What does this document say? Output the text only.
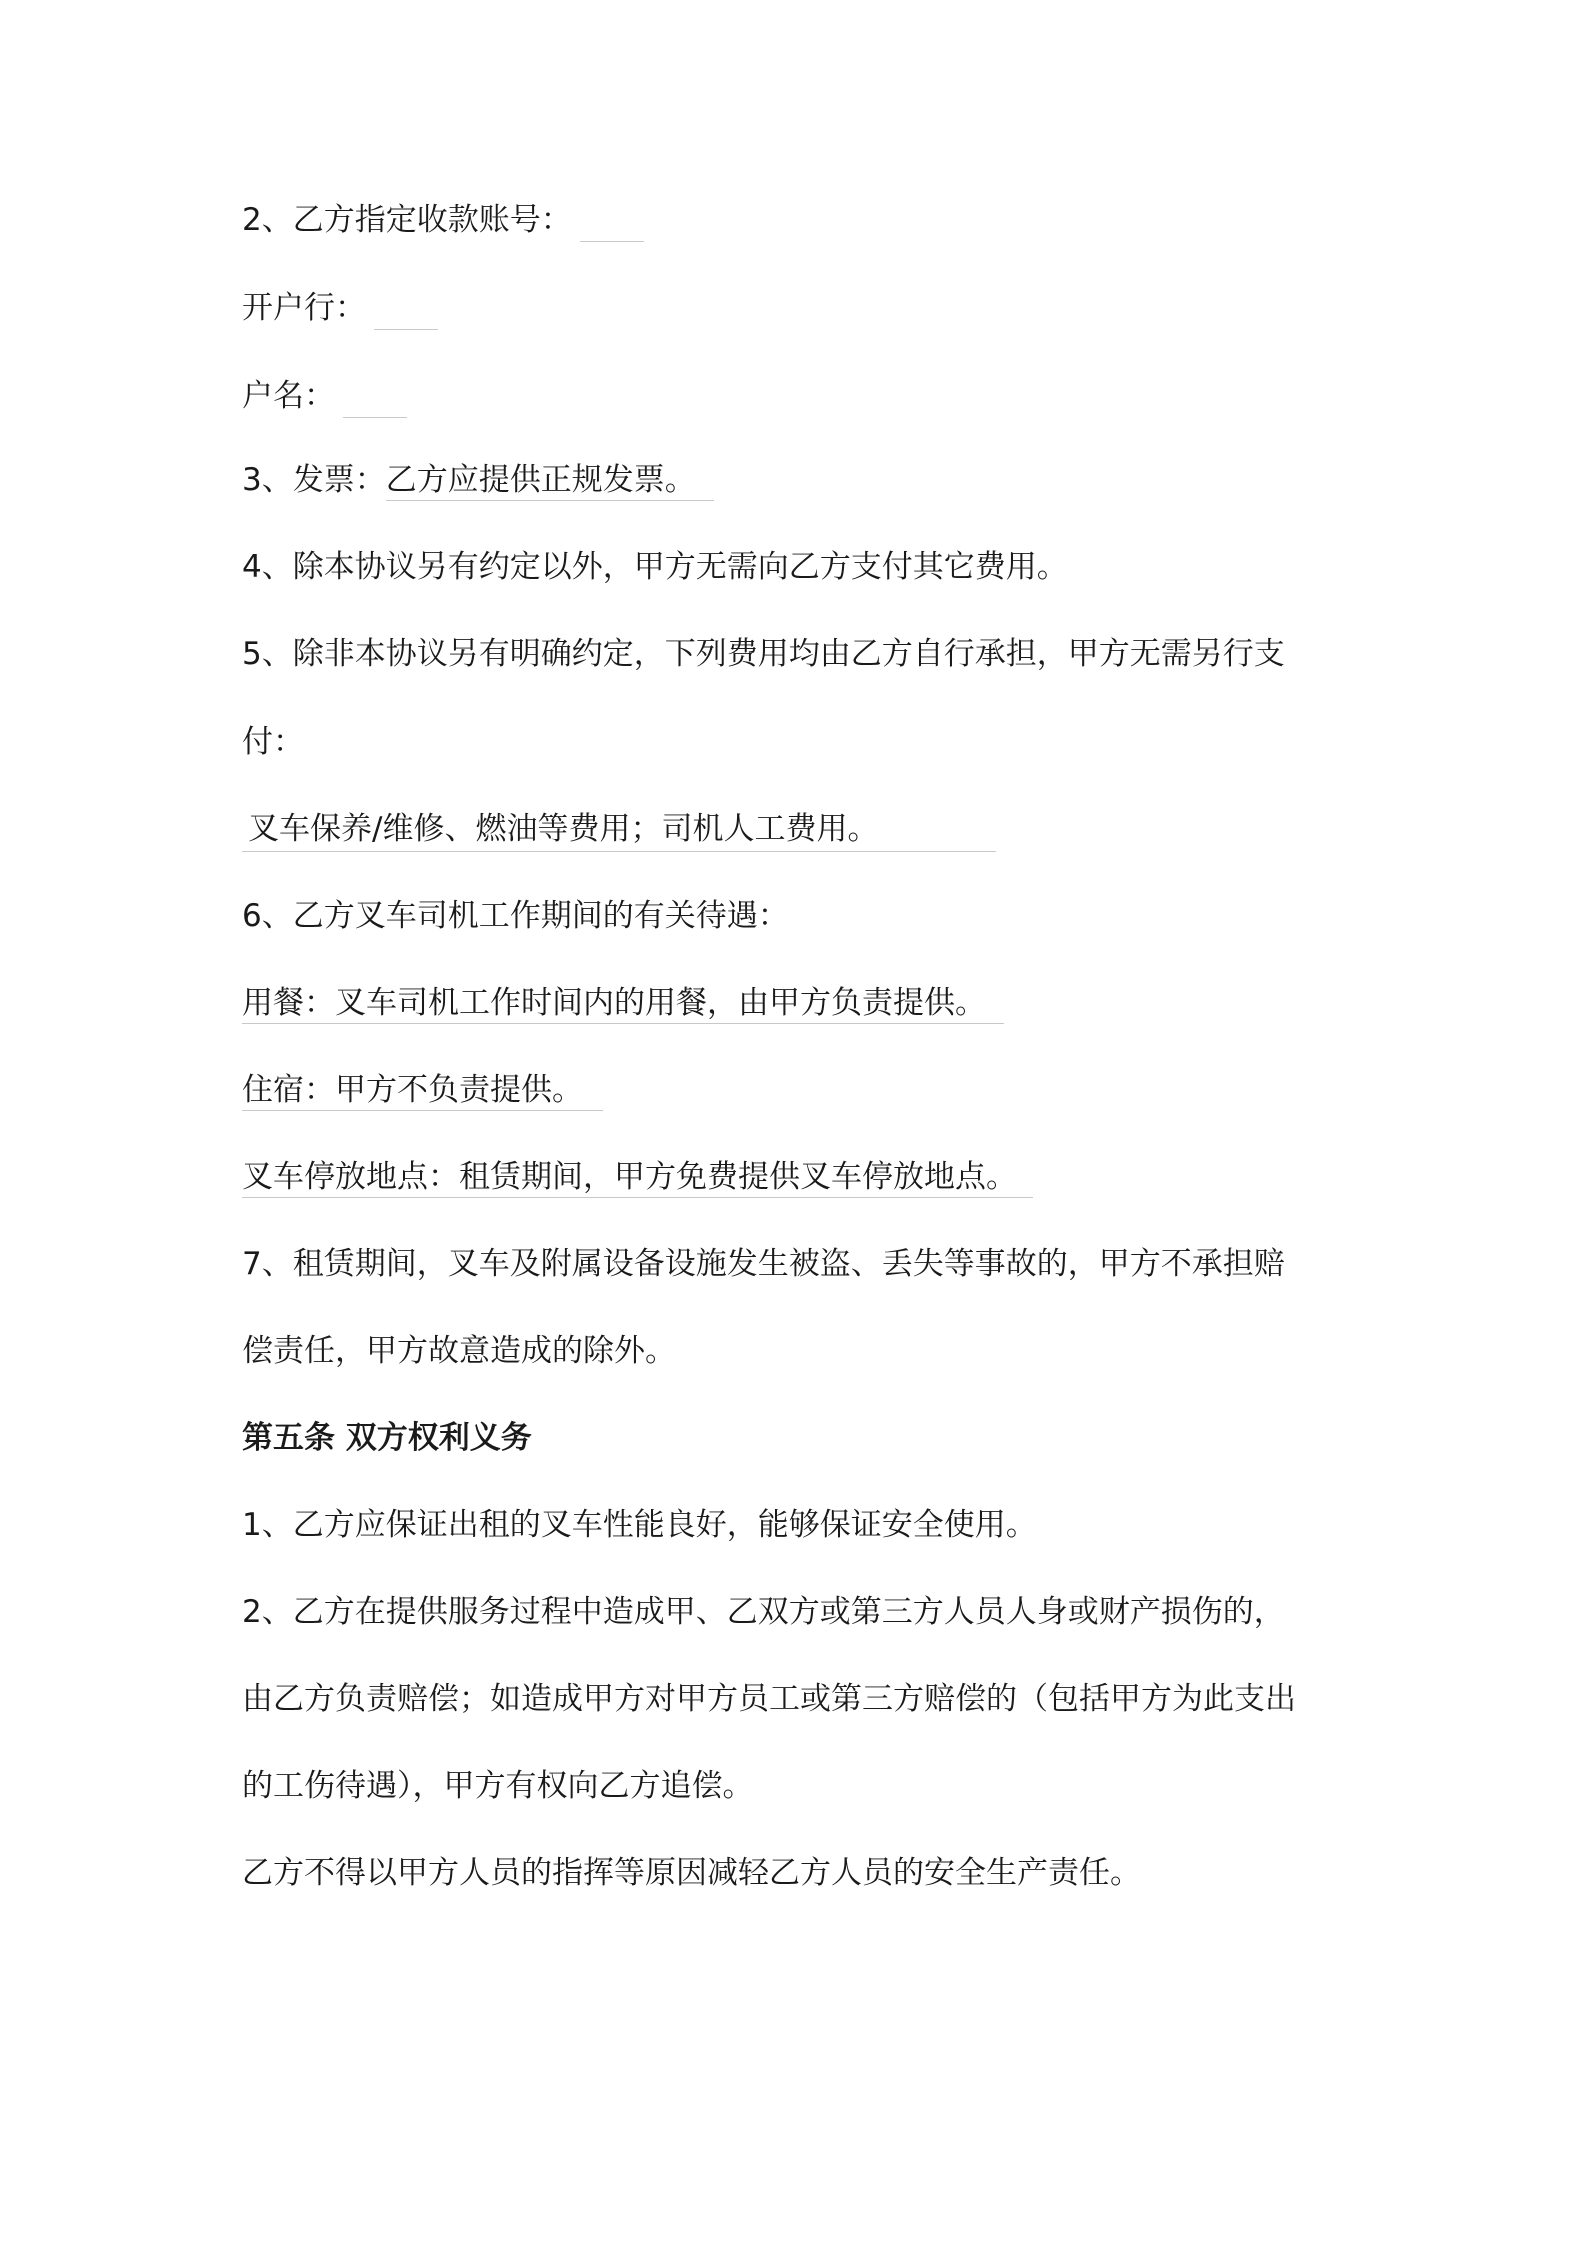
2、乙方指定收款账号：
开户行：
户名：
3、发票：乙方应提供正规发票。
4、除本协议另有约定以外，甲方无需向乙方支付其它费用。
5、除非本协议另有明确约定，下列费用均由乙方自行承担，甲方无需另行支
付：
叉车保养/维修、燃油等费用；司机人工费用。
6、乙方叉车司机工作期间的有关待遇：
用餐：叉车司机工作时间内的用餐，由甲方负责提供。
住宿：甲方不负责提供。
叉车停放地点：租赁期间，甲方免费提供叉车停放地点。
7、租赁期间，叉车及附属设备设施发生被盗、丢失等事故的，甲方不承担赔
偿责任，甲方故意造成的除外。
第五条 双方权利义务
1、乙方应保证出租的叉车性能良好，能够保证安全使用。
2、乙方在提供服务过程中造成甲、乙双方或第三方人员人身或财产损伤的，
由乙方负责赔偿；如造成甲方对甲方员工或第三方赔偿的（包括甲方为此支出
的工伤待遇），甲方有权向乙方追偿。
乙方不得以甲方人员的指挥等原因减轻乙方人员的安全生产责任。
